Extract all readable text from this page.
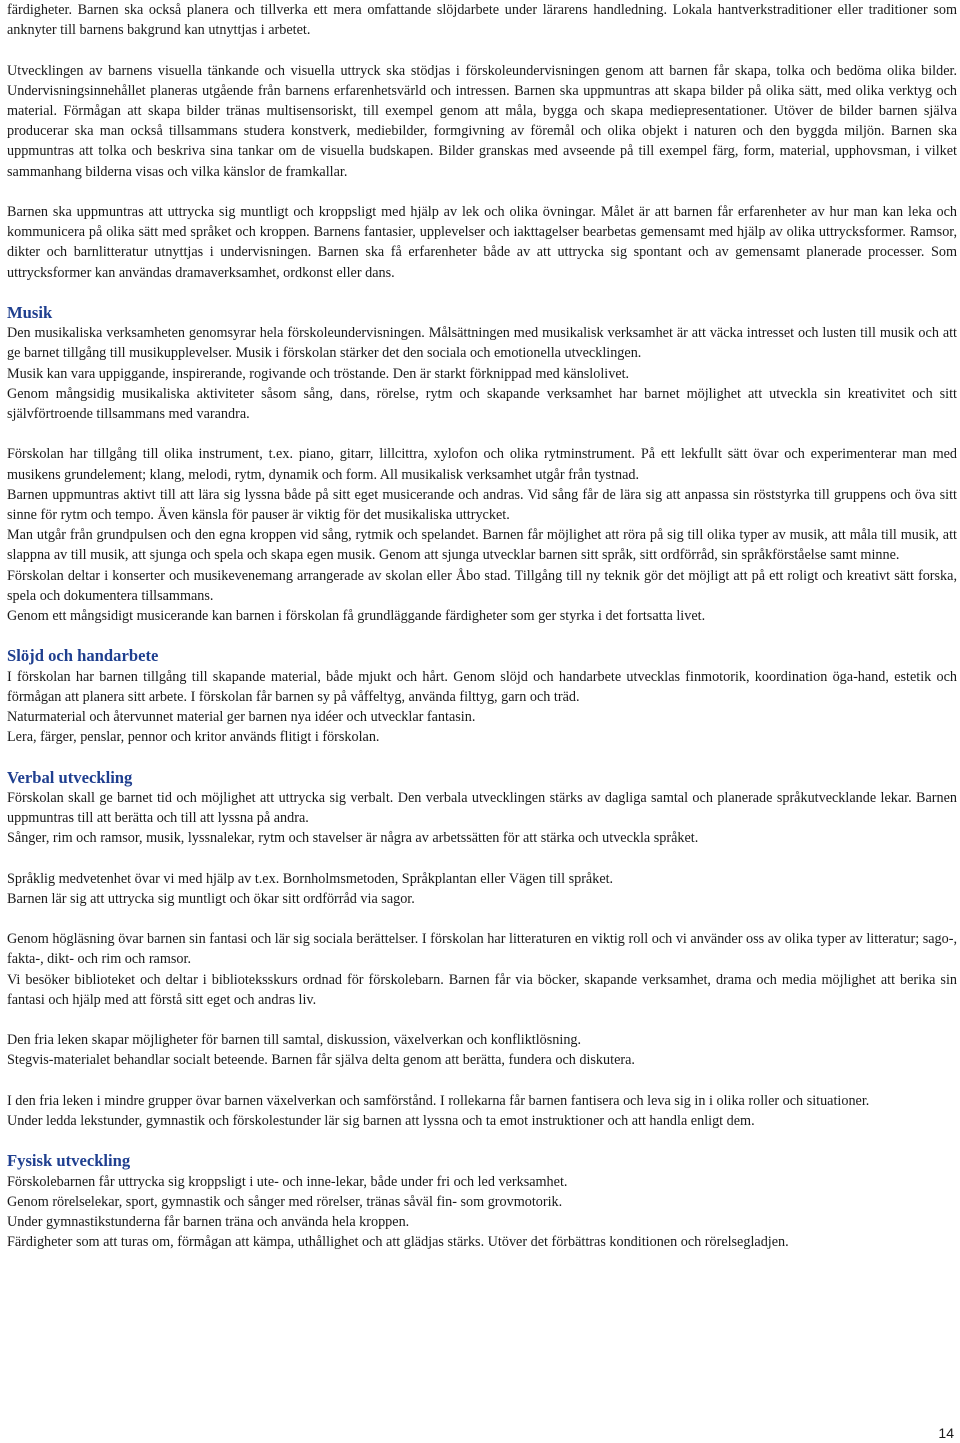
färdigheter. Barnen ska också planera och tillverka ett mera omfattande slöjdarbete under lärarens handledning. Lokala hantverkstraditioner eller traditioner som anknyter till barnens bakgrund kan utnyttjas i arbetet.

Utvecklingen av barnens visuella tänkande och visuella uttryck ska stödjas i förskoleundervisningen genom att barnen får skapa, tolka och bedöma olika bilder. Undervisningsinnehållet planeras utgående från barnens erfarenhetsvärld och intressen. Barnen ska uppmuntras att skapa bilder på olika sätt, med olika verktyg och material. Förmågan att skapa bilder tränas multisensoriskt, till exempel genom att måla, bygga och skapa mediepresentationer. Utöver de bilder barnen själva producerar ska man också tillsammans studera konstverk, mediebilder, formgivning av föremål och olika objekt i naturen och den byggda miljön. Barnen ska uppmuntras att tolka och beskriva sina tankar om de visuella budskapen. Bilder granskas med avseende på till exempel färg, form, material, upphovsman, i vilket sammanhang bilderna visas och vilka känslor de framkallar.

Barnen ska uppmuntras att uttrycka sig muntligt och kroppsligt med hjälp av lek och olika övningar. Målet är att barnen får erfarenheter av hur man kan leka och kommunicera på olika sätt med språket och kroppen. Barnens fantasier, upplevelser och iakttagelser bearbetas gemensamt med hjälp av olika uttrycksformer. Ramsor, dikter och barnlitteratur utnyttjas i undervisningen. Barnen ska få erfarenheter både av att uttrycka sig spontant och av gemensamt planerade processer. Som uttrycksformer kan användas dramaverksamhet, ordkonst eller dans.

Musik

Den musikaliska verksamheten genomsyrar hela förskoleundervisningen. Målsättningen med musikalisk verksamhet är att väcka intresset och lusten till musik och att ge barnet tillgång till musikupplevelser. Musik i förskolan stärker det den sociala och emotionella utvecklingen.

Musik kan vara uppiggande, inspirerande, rogivande och tröstande. Den är starkt förknippad med känslolivet.

Genom mångsidig musikaliska aktiviteter såsom sång, dans, rörelse, rytm och skapande verksamhet har barnet möjlighet att utveckla sin kreativitet och sitt självförtroende tillsammans med varandra.

Förskolan har tillgång till olika instrument, t.ex. piano, gitarr, lillcittra, xylofon och olika rytminstrument. På ett lekfullt sätt övar och experimenterar man med musikens grundelement; klang, melodi, rytm, dynamik och form. All musikalisk verksamhet utgår från tystnad.

Barnen uppmuntras aktivt till att lära sig lyssna både på sitt eget musicerande och andras. Vid sång får de lära sig att anpassa sin röststyrka till gruppens och öva sitt sinne för rytm och tempo. Även känsla för pauser är viktig för det musikaliska uttrycket.

Man utgår från grundpulsen och den egna kroppen vid sång, rytmik och spelandet. Barnen får möjlighet att röra på sig till olika typer av musik, att måla till musik, att slappna av till musik, att sjunga och spela och skapa egen musik. Genom att sjunga utvecklar barnen sitt språk, sitt ordförråd, sin språkförståelse samt minne.

Förskolan deltar i konserter och musikevenemang arrangerade av skolan eller Åbo stad. Tillgång till ny teknik gör det möjligt att på ett roligt och kreativt sätt forska, spela och dokumentera tillsammans.

Genom ett mångsidigt musicerande kan barnen i förskolan få grundläggande färdigheter som ger styrka i det fortsatta livet.

Slöjd och handarbete

I förskolan har barnen tillgång till skapande material, både mjukt och hårt. Genom slöjd och handarbete utvecklas finmotorik, koordination öga-hand, estetik och förmågan att planera sitt arbete. I förskolan får barnen sy på våffeltyg, använda filttyg, garn och träd.

Naturmaterial och återvunnet material ger barnen nya idéer och utvecklar fantasin.

Lera, färger, penslar, pennor och kritor används flitigt i förskolan.

Verbal utveckling

Förskolan skall ge barnet tid och möjlighet att uttrycka sig verbalt. Den verbala utvecklingen stärks av dagliga samtal och planerade språkutvecklande lekar. Barnen uppmuntras till att berätta och till att lyssna på andra.

Sånger, rim och ramsor, musik, lyssnalekar, rytm och stavelser är några av arbetssätten för att stärka och utveckla språket.

Språklig medvetenhet övar vi med hjälp av t.ex. Bornholmsmetoden, Språkplantan eller Vägen till språket.

Barnen lär sig att uttrycka sig muntligt och ökar sitt ordförråd via sagor.

Genom högläsning övar barnen sin fantasi och lär sig sociala berättelser. I förskolan har litteraturen en viktig roll och vi använder oss av olika typer av litteratur; sago-, fakta-, dikt- och rim och ramsor.

Vi besöker biblioteket och deltar i biblioteksskurs ordnad för förskolebarn. Barnen får via böcker, skapande verksamhet, drama och media möjlighet att berika sin fantasi och hjälp med att förstå sitt eget och andras liv.

Den fria leken skapar möjligheter för barnen till samtal, diskussion, växelverkan och konfliktlösning.

Stegvis-materialet behandlar socialt beteende. Barnen får själva delta genom att berätta, fundera och diskutera.

I den fria leken i mindre grupper övar barnen växelverkan och samförstånd. I rollekarna får barnen fantisera och leva sig in i olika roller och situationer.

Under ledda lekstunder, gymnastik och förskolestunder lär sig barnen att lyssna och ta emot instruktioner och att handla enligt dem.

Fysisk utveckling

Förskolebarnen får uttrycka sig kroppsligt i ute- och inne-lekar, både under fri och led verksamhet.

Genom rörelselekar, sport, gymnastik och sånger med rörelser, tränas såväl fin- som grovmotorik.

Under gymnastikstunderna får barnen träna och använda hela kroppen.

Färdigheter som att turas om, förmågan att kämpa, uthållighet och att glädjas stärks. Utöver det förbättras konditionen och rörelsegladjen.

14
